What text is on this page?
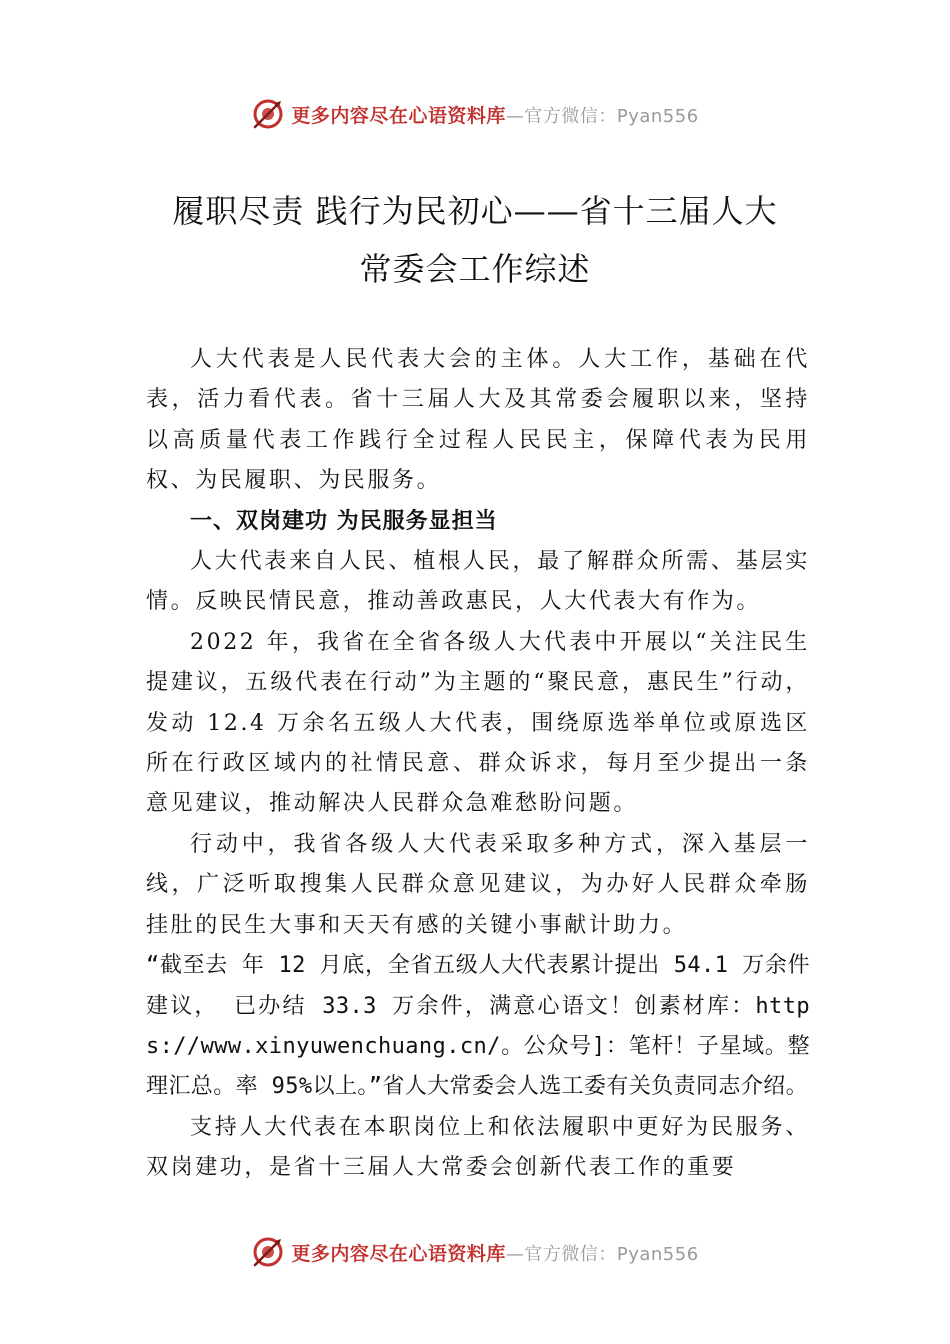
更多内容尽在心语资料库—官方微信：Pyan556
履职尽责 践行为民初心——省十三届人大
常委会工作综述

人大代表是人民代表大会的主体。人大工作，基础在代表，活力看代表。省十三届人大及其常委会履职以来，坚持以高质量代表工作践行全过程人民民主，保障代表为民用权、为民履职、为民服务。

一、双岗建功 为民服务显担当

人大代表来自人民、植根人民，最了解群众所需、基层实情。反映民情民意，推动善政惠民，人大代表大有作为。

2022 年，我省在全省各级人大代表中开展以“关注民生提建议，五级代表在行动”为主题的“聚民意，惠民生”行动，发动 12.4 万余名五级人大代表，围绕原选举单位或原选区所在行政区域内的社情民意、群众诉求，每月至少提出一条意见建议，推动解决人民群众急难愁盼问题。

行动中，我省各级人大代表采取多种方式，深入基层一线，广泛听取搜集人民群众意见建议，为办好人民群众牵肠挂肚的民生大事和天天有感的关键小事献计助力。

“截至去 年 12 月底，全省五级人大代表累计提出 54.1 万余件建议， 已办结 33.3 万余件，满意心语文！创素材库：https://www.xinyuwenchuang.cn/。公众号]：笔杆！子星域。整理汇总。率 95%以上。”省人大常委会人选工委有关负责同志介绍。

支持人大代表在本职岗位上和依法履职中更好为民服务、双岗建功，是省十三届人大常委会创新代表工作的重要

更多内容尽在心语资料库—官方微信：Pyan556
